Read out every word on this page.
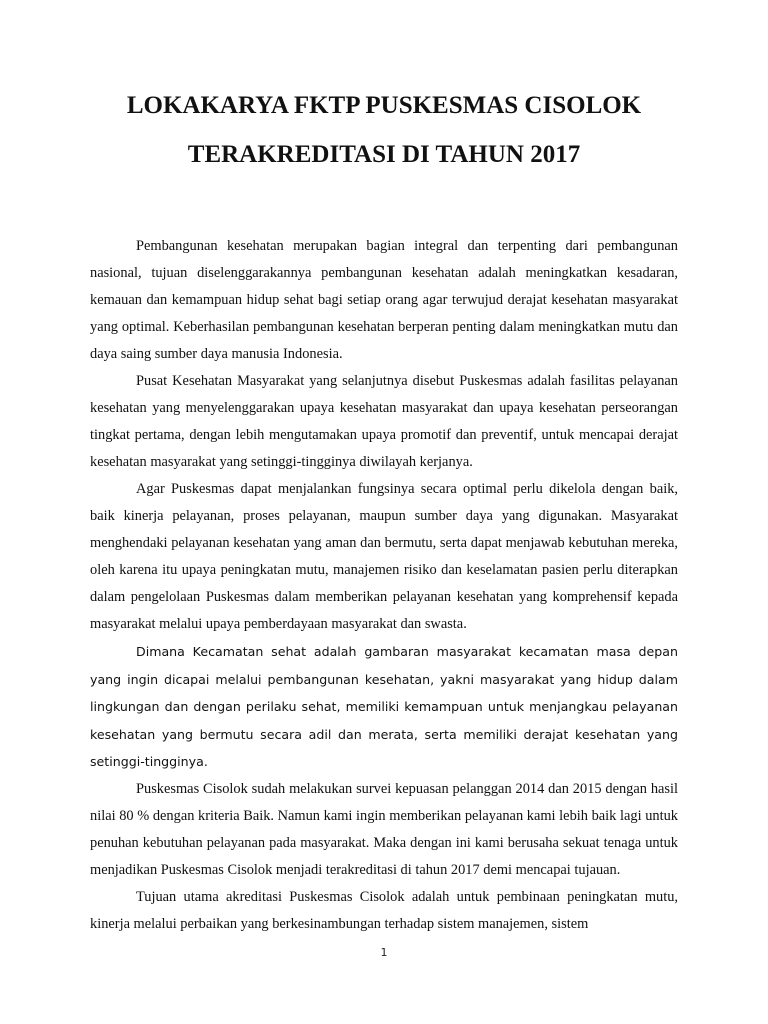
LOKAKARYA FKTP PUSKESMAS CISOLOK
TERAKREDITASI DI TAHUN 2017

Pembangunan kesehatan merupakan bagian integral dan terpenting dari pembangunan nasional, tujuan diselenggarakannya pembangunan kesehatan adalah meningkatkan kesadaran, kemauan dan kemampuan hidup sehat bagi setiap orang agar terwujud derajat kesehatan masyarakat yang optimal. Keberhasilan pembangunan kesehatan berperan penting dalam meningkatkan mutu dan daya saing sumber daya manusia Indonesia.

Pusat Kesehatan Masyarakat yang selanjutnya disebut Puskesmas adalah fasilitas pelayanan kesehatan yang menyelenggarakan upaya kesehatan masyarakat dan upaya kesehatan perseorangan tingkat pertama, dengan lebih mengutamakan upaya promotif dan preventif, untuk mencapai derajat kesehatan masyarakat yang setinggi-tingginya diwilayah kerjanya.

Agar Puskesmas dapat menjalankan fungsinya secara optimal perlu dikelola dengan baik, baik kinerja pelayanan, proses pelayanan, maupun sumber daya yang digunakan. Masyarakat menghendaki pelayanan kesehatan yang aman dan bermutu, serta dapat menjawab kebutuhan mereka, oleh karena itu upaya peningkatan mutu, manajemen risiko dan keselamatan pasien perlu diterapkan dalam pengelolaan Puskesmas dalam memberikan pelayanan kesehatan yang komprehensif kepada masyarakat melalui upaya pemberdayaan masyarakat dan swasta.

Dimana Kecamatan sehat adalah gambaran masyarakat kecamatan masa depan yang ingin dicapai melalui pembangunan kesehatan, yakni masyarakat yang hidup dalam lingkungan dan dengan perilaku sehat, memiliki kemampuan untuk menjangkau pelayanan kesehatan yang bermutu secara adil dan merata, serta memiliki derajat kesehatan yang setinggi-tingginya.

Puskesmas Cisolok sudah melakukan survei kepuasan pelanggan 2014 dan 2015 dengan hasil nilai 80 % dengan kriteria Baik. Namun kami ingin memberikan pelayanan kami lebih baik lagi untuk penuhan kebutuhan pelayanan pada masyarakat. Maka dengan ini kami berusaha sekuat tenaga untuk menjadikan Puskesmas Cisolok menjadi terakreditasi di tahun 2017 demi mencapai tujauan.

Tujuan utama akreditasi Puskesmas Cisolok adalah untuk pembinaan peningkatan mutu, kinerja melalui perbaikan yang berkesinambungan terhadap sistem manajemen, sistem

1
